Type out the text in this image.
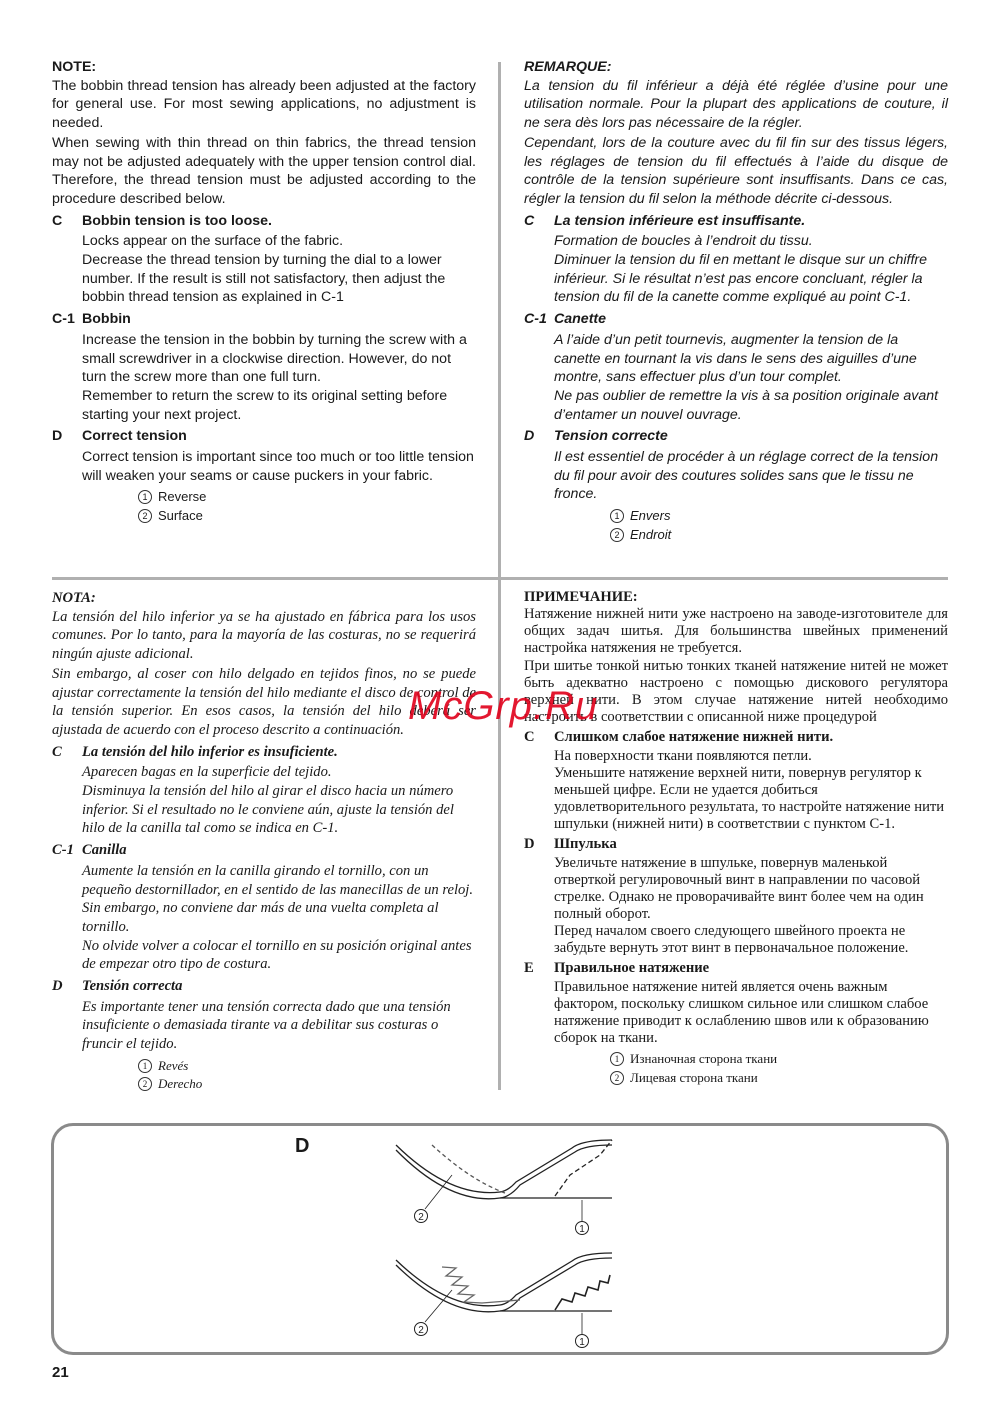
NOTE:

The bobbin thread tension has already been adjusted at the factory for general use. For most sewing applications, no adjustment is needed.

When sewing with thin thread on thin fabrics, the thread tension may not be adjusted adequately with the upper tension control dial. Therefore, the thread tension must be adjusted according to the procedure described below.

C	Bobbin tension is too loose.
Locks appear on the surface of the fabric.
Decrease the thread tension by turning the dial to a lower number. If the result is still not satisfactory, then adjust the bobbin thread tension as explained in C-1
C-1 Bobbin
Increase the tension in the bobbin by turning the screw with a small screwdriver in a clockwise direction. However, do not turn the screw more than one full turn.
Remember to return the screw to its original setting before starting your next project.
D	Correct tension
Correct tension is important since too much or too little tension will weaken your seams or cause puckers in your fabric.
1 Reverse
2 Surface
REMARQUE:

La tension du fil inférieur a déjà été réglée d’usine pour une utilisation normale. Pour la plupart des applications de couture, il ne sera dès lors pas nécessaire de la régler.

Cependant, lors de la couture avec du fil fin sur des tissus légers, les réglages de tension du fil effectués à l’aide du disque de contrôle de la tension supérieure sont insuffisants. Dans ce cas, régler la tension du fil selon la méthode décrite ci-dessous.

C	La tension inférieure est insuffisante.
Formation de boucles à l’endroit du tissu.
Diminuer la tension du fil en mettant le disque sur un chiffre inférieur. Si le résultat n’est pas encore concluant, régler la tension du fil de la canette comme expliqué au point C-1.
C-1 Canette
A l’aide d’un petit tournevis, augmenter la tension de la canette en tournant la vis dans le sens des aiguilles d’une montre, sans effectuer plus d’un tour complet.
Ne pas oublier de remettre la vis à sa position originale avant d’entamer un nouvel ouvrage.
D	Tension correcte
Il est essentiel de procéder à un réglage correct de la tension du fil pour avoir des coutures solides sans que le tissu ne fronce.
1 Envers
2 Endroit
NOTA:

La tensión del hilo inferior ya se ha ajustado en fábrica para los usos comunes. Por lo tanto, para la mayoría de las costuras, no se requerirá ningún ajuste adicional.

Sin embargo, al coser con hilo delgado en tejidos finos, no se puede ajustar correctamente la tensión del hilo mediante el disco de control de la tensión superior. En esos casos, la tensión del hilo deberá ser ajustada de acuerdo con el proceso descrito a continuación.

C	La tensión del hilo inferior es insuficiente.
Aparecen bagas en la superficie del tejido.
Disminuya la tensión del hilo al girar el disco hacia un número inferior. Si el resultado no le conviene aún, ajuste la tensión del hilo de la canilla tal como se indica en C-1.
C-1 Canilla
Aumente la tensión en la canilla girando el tornillo, con un pequeño destornillador, en el sentido de las manecillas de un reloj. Sin embargo, no conviene dar más de una vuelta completa al tornillo.
No olvide volver a colocar el tornillo en su posición original antes de empezar otro tipo de costura.
D	Tensión correcta
Es importante tener una tensión correcta dado que una tensión insuficiente o demasiada tirante va a debilitar sus costuras o fruncir el tejido.
1 Revés
2 Derecho
ПРИМЕЧАНИЕ:

Натяжение нижней нити уже настроено на заводе-изготовителе для общих задач шитья. Для большинства швейных применений настройка натяжения не требуется.

При шитье тонкой нитью тонких тканей натяжение нитей не может быть адекватно настроено с помощью дискового регулятора верхней нити. В этом случае натяжение нитей необходимо настроить в соответствии с описанной ниже процедурой

C	Слишком слабое натяжение нижней нити.
На поверхности ткани появляются петли.
Уменьшите натяжение верхней нити, повернув регулятор к меньшей цифре. Если не удается добиться удовлетворительного результата, то настройте натяжение нити шпульки (нижней нити) в соответствии с пунктом C-1.
D	Шпулька
Увеличьте натяжение в шпульке, повернув маленькой отверткой регулировочный винт в направлении по часовой стрелке. Однако не проворачивайте винт более чем на один полный оборот.
Перед началом своего следующего швейного проекта не забудьте вернуть этот винт в первоначальное положение.
E	Правильное натяжение
Правильное натяжение нитей является очень важным фактором, поскольку слишком сильное или слишком слабое натяжение приводит к ослаблению швов или к образованию сборок на ткани.
1 Изнаночная сторона ткани
2 Лицевая сторона ткани
McGrp.Ru
D
2
1
2
1
21
